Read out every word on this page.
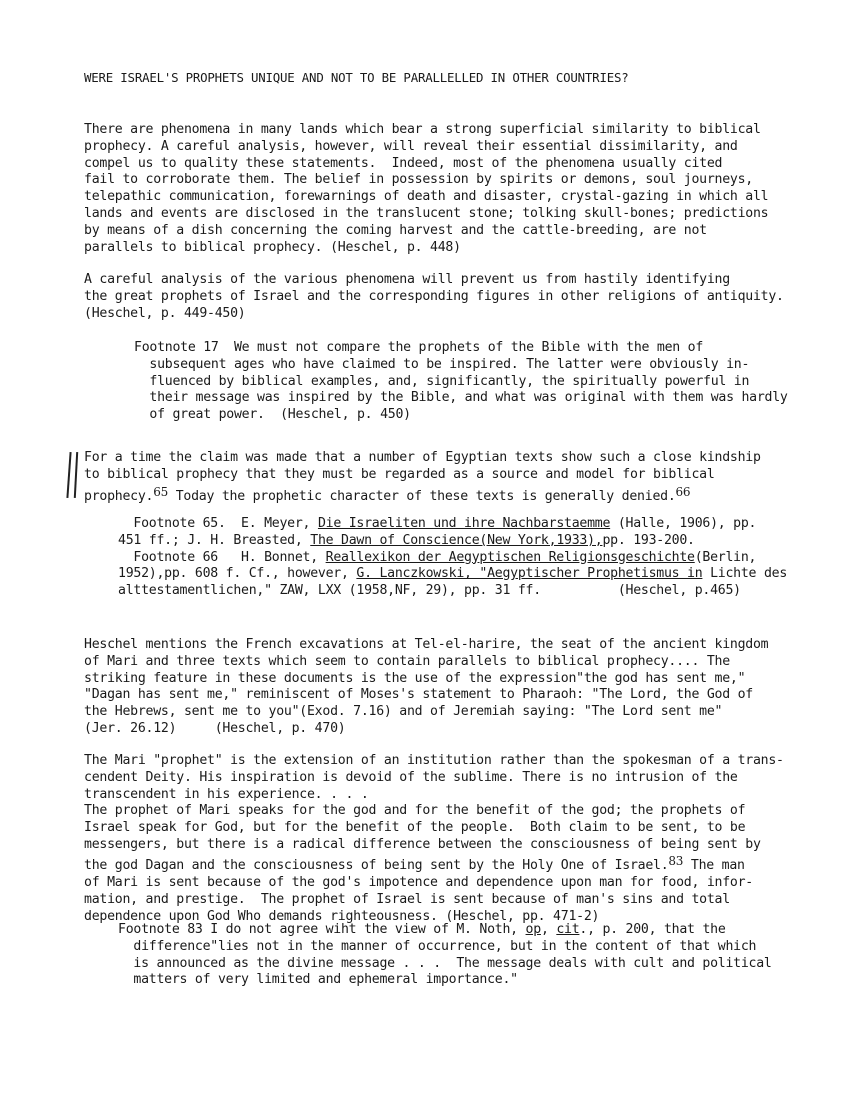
WERE ISRAEL'S PROPHETS UNIQUE AND NOT TO BE PARALLELLED IN OTHER COUNTRIES?
There are phenomena in many lands which bear a strong superficial similarity to biblical
prophecy. A careful analysis, however, will reveal their essential dissimilarity, and
compel us to quality these statements.  Indeed, most of the phenomena usually cited
fail to corroborate them. The belief in possession by spirits or demons, soul journeys,
telepathic communication, forewarnings of death and disaster, crystal-gazing in which all
lands and events are disclosed in the translucent stone; tolking skull-bones; predictions
by means of a dish concerning the coming harvest and the cattle-breeding, are not
parallels to biblical prophecy. (Heschel, p. 448)
A careful analysis of the various phenomena will prevent us from hastily identifying
the great prophets of Israel and the corresponding figures in other religions of antiquity.
(Heschel, p. 449-450)
Footnote 17  We must not compare the prophets of the Bible with the men of
subsequent ages who have claimed to be inspired. The latter were obviously in-
fluenced by biblical examples, and, significantly, the spiritually powerful in
their message was inspired by the Bible, and what was original with them was hardly
of great power.  (Heschel, p. 450)
For a time the claim was made that a number of Egyptian texts show such a close kindship
to biblical prophecy that they must be regarded as a source and model for biblical
prophecy.65 Today the prophetic character of these texts is generally denied.66
Footnote 65.  E. Meyer, Die Israeliten und ihre Nachbarstaemme (Halle, 1906), pp.
451 ff.; J. H. Breasted, The Dawn of Conscience(New York,1933),pp. 193-200.
Footnote 66   H. Bonnet, Reallexikon der Aegyptischen Religionsgeschichte(Berlin,
1952),pp. 608 f. Cf., however, G. Lanczkowski, "Aegyptischer Prophetismus in Lichte des
alttestamentlichen," ZAW, LXX (1958,NF, 29), pp. 31 ff.          (Heschel, p.465)
Heschel mentions the French excavations at Tel-el-harire, the seat of the ancient kingdom
of Mari and three texts which seem to contain parallels to biblical prophecy.... The
striking feature in these documents is the use of the expression"the god has sent me,"
"Dagan has sent me," reminiscent of Moses's statement to Pharaoh: "The Lord, the God of
the Hebrews, sent me to you"(Exod. 7.16) and of Jeremiah saying: "The Lord sent me"
(Jer. 26.12)     (Heschel, p. 470)
The Mari "prophet" is the extension of an institution rather than the spokesman of a trans-
cendent Deity. His inspiration is devoid of the sublime. There is no intrusion of the
transcendent in his experience. . . .
The prophet of Mari speaks for the god and for the benefit of the god; the prophets of
Israel speak for God, but for the benefit of the people.  Both claim to be sent, to be
messengers, but there is a radical difference between the consciousness of being sent by
the god Dagan and the consciousness of being sent by the Holy One of Israel.83 The man
of Mari is sent because of the god's impotence and dependence upon man for food, infor-
mation, and prestige.  The prophet of Israel is sent because of man's sins and total
dependence upon God Who demands righteousness. (Heschel, pp. 471-2)
Footnote 83 I do not agree wiht the view of M. Noth, op, cit., p. 200, that the
difference"lies not in the manner of occurrence, but in the content of that which
is announced as the divine message . . .  The message deals with cult and political
matters of very limited and ephemeral importance."
